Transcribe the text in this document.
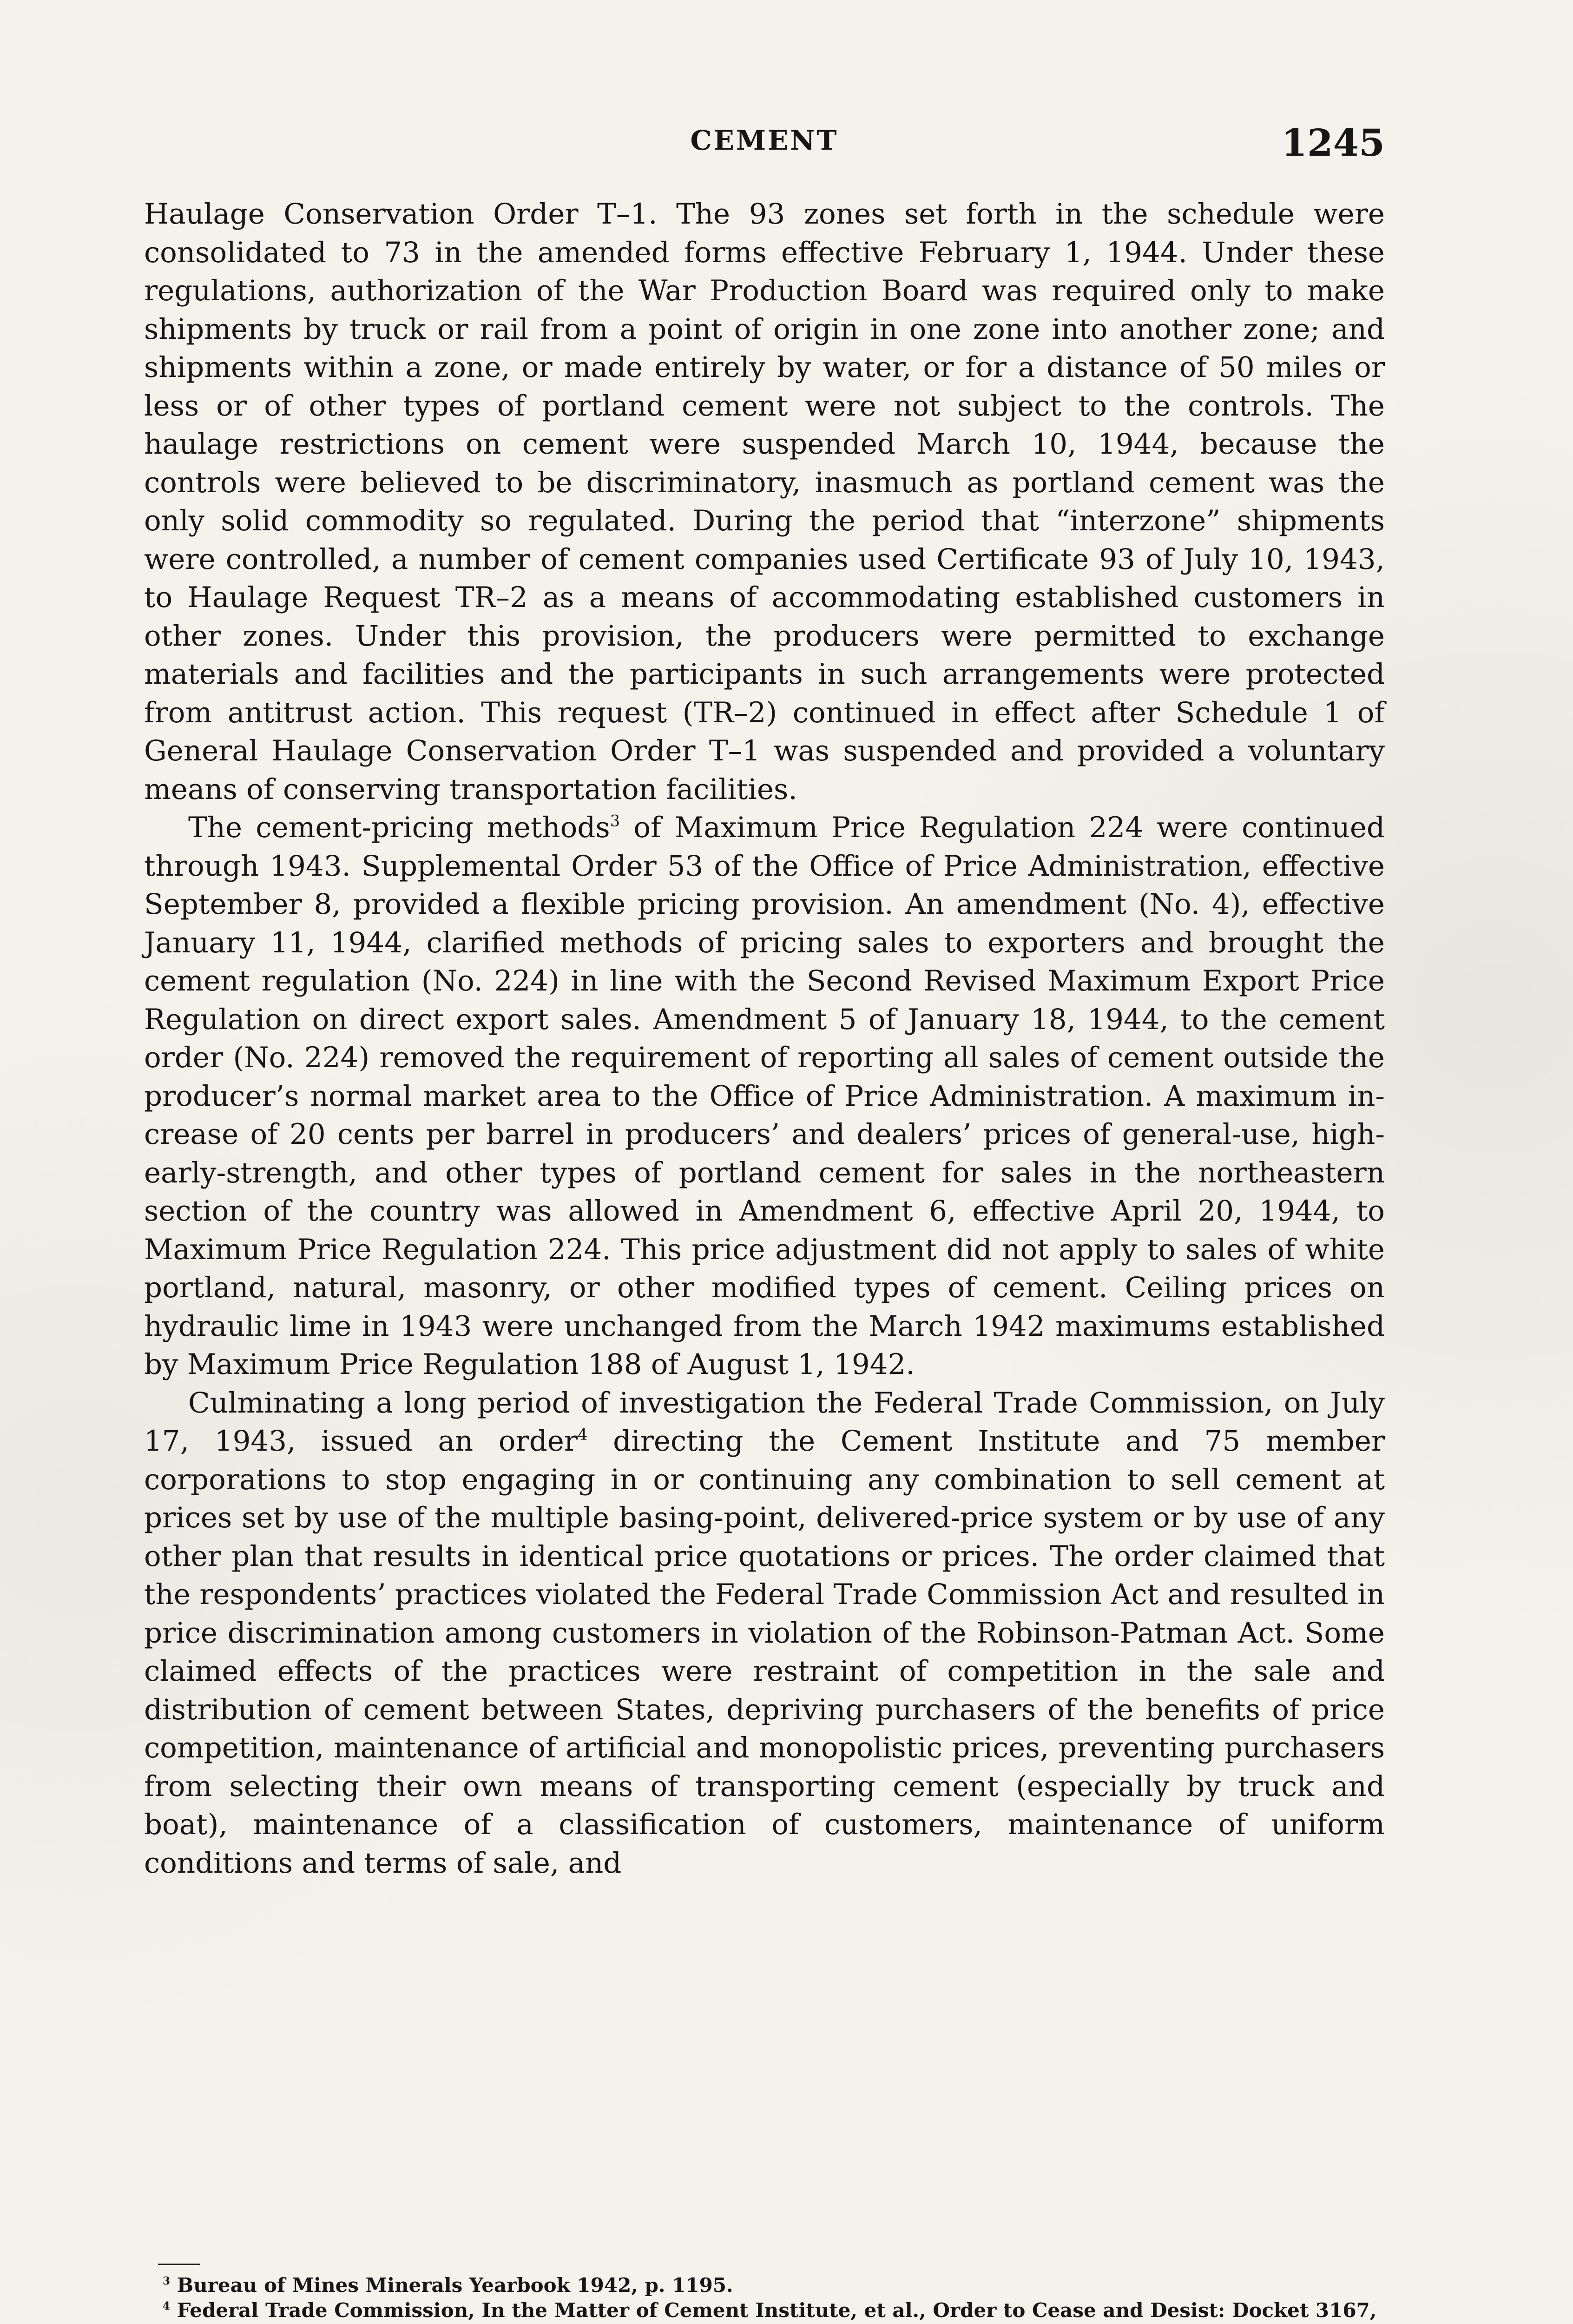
CEMENT	1245

Haulage Conservation Order T–1. The 93 zones set forth in the schedule were consolidated to 73 in the amended forms effective February 1, 1944. Under these regulations, authorization of the War Production Board was required only to make shipments by truck or rail from a point of origin in one zone into another zone; and shipments within a zone, or made entirely by water, or for a distance of 50 miles or less or of other types of portland cement were not subject to the controls. The haulage restrictions on cement were suspended March 10, 1944, because the controls were believed to be discriminatory, inasmuch as portland cement was the only solid commodity so regulated. During the period that “interzone” shipments were controlled, a number of cement companies used Certificate 93 of July 10, 1943, to Haulage Request TR–2 as a means of accommodating established customers in other zones. Under this provision, the producers were permitted to exchange materials and facilities and the participants in such arrangements were protected from antitrust action. This request (TR–2) continued in effect after Schedule 1 of General Haulage Conservation Order T–1 was suspended and provided a voluntary means of conserving transportation facilities.

The cement-pricing methods$^3$ of Maximum Price Regulation 224 were continued through 1943. Supplemental Order 53 of the Office of Price Administration, effective September 8, provided a flexible pricing provision. An amendment (No. 4), effective January 11, 1944, clarified methods of pricing sales to exporters and brought the cement regulation (No. 224) in line with the Second Revised Maximum Export Price Regulation on direct export sales. Amendment 5 of January 18, 1944, to the cement order (No. 224) removed the requirement of reporting all sales of cement outside the producer’s normal market area to the Office of Price Administration. A maximum increase of 20 cents per barrel in producers’ and dealers’ prices of general-use, high-early-strength, and other types of portland cement for sales in the northeastern section of the country was allowed in Amendment 6, effective April 20, 1944, to Maximum Price Regulation 224. This price adjustment did not apply to sales of white portland, natural, masonry, or other modified types of cement. Ceiling prices on hydraulic lime in 1943 were unchanged from the March 1942 maximums established by Maximum Price Regulation 188 of August 1, 1942.

Culminating a long period of investigation the Federal Trade Commission, on July 17, 1943, issued an order$^4$ directing the Cement Institute and 75 member corporations to stop engaging in or continuing any combination to sell cement at prices set by use of the multiple basing-point, delivered-price system or by use of any other plan that results in identical price quotations or prices. The order claimed that the respondents’ practices violated the Federal Trade Commission Act and resulted in price discrimination among customers in violation of the Robinson-Patman Act. Some claimed effects of the practices were restraint of competition in the sale and distribution of cement between States, depriving purchasers of the benefits of price competition, maintenance of artificial and monopolistic prices, preventing purchasers from selecting their own means of transporting cement (especially by truck and boat), maintenance of a classification of customers, maintenance of uniform conditions and terms of sale, and

$^3$ Bureau of Mines Minerals Yearbook 1942, p. 1195.

$^4$ Federal Trade Commission, In the Matter of Cement Institute, et al., Order to Cease and Desist: Docket 3167,
